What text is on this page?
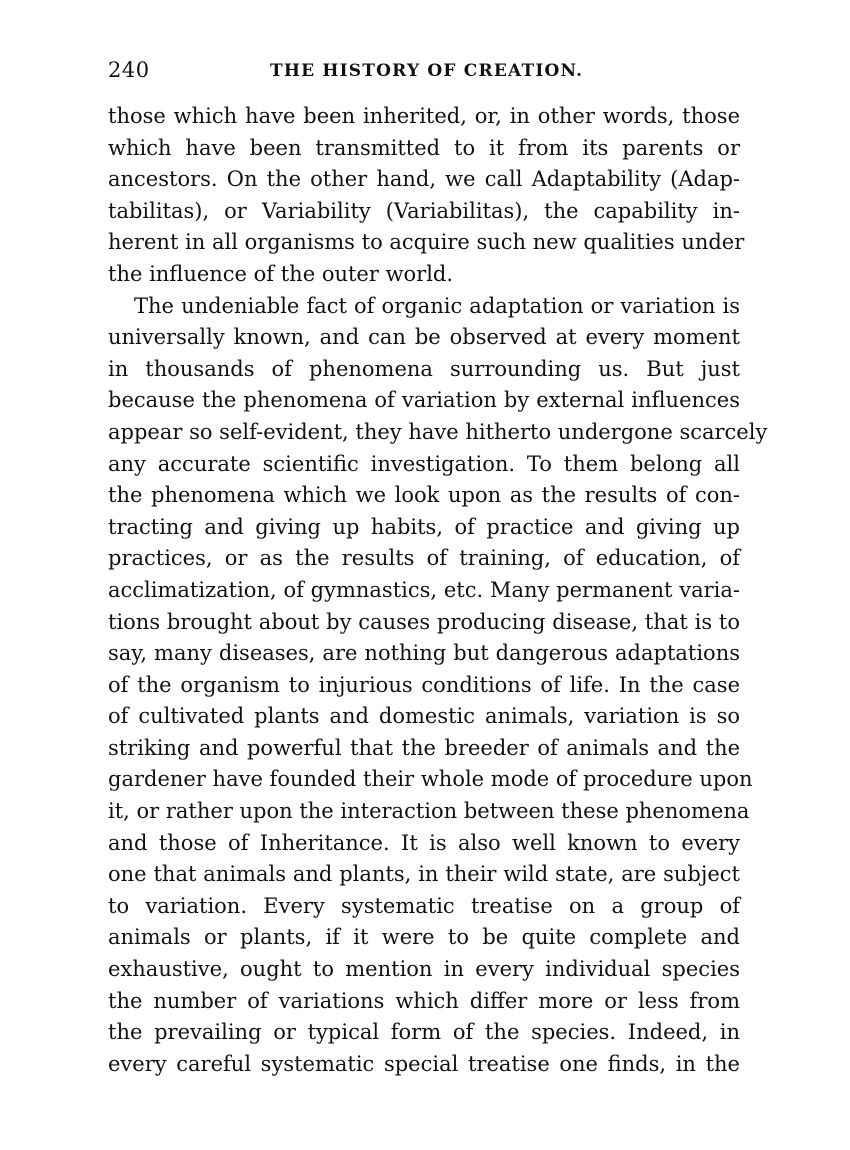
240	THE HISTORY OF CREATION.
those which have been inherited, or, in other words, those
which have been transmitted to it from its parents or
ancestors. On the other hand, we call Adaptability (Adap-
tabilitas), or Variability (Variabilitas), the capability in-
herent in all organisms to acquire such new qualities under
the influence of the outer world.
The undeniable fact of organic adaptation or variation is
universally known, and can be observed at every moment
in thousands of phenomena surrounding us. But just
because the phenomena of variation by external influences
appear so self-evident, they have hitherto undergone scarcely
any accurate scientific investigation. To them belong all
the phenomena which we look upon as the results of con-
tracting and giving up habits, of practice and giving up
practices, or as the results of training, of education, of
acclimatization, of gymnastics, etc. Many permanent varia-
tions brought about by causes producing disease, that is to
say, many diseases, are nothing but dangerous adaptations
of the organism to injurious conditions of life. In the case
of cultivated plants and domestic animals, variation is so
striking and powerful that the breeder of animals and the
gardener have founded their whole mode of procedure upon
it, or rather upon the interaction between these phenomena
and those of Inheritance. It is also well known to every
one that animals and plants, in their wild state, are subject
to variation. Every systematic treatise on a group of
animals or plants, if it were to be quite complete and
exhaustive, ought to mention in every individual species
the number of variations which differ more or less from
the prevailing or typical form of the species. Indeed, in
every careful systematic special treatise one finds, in the
